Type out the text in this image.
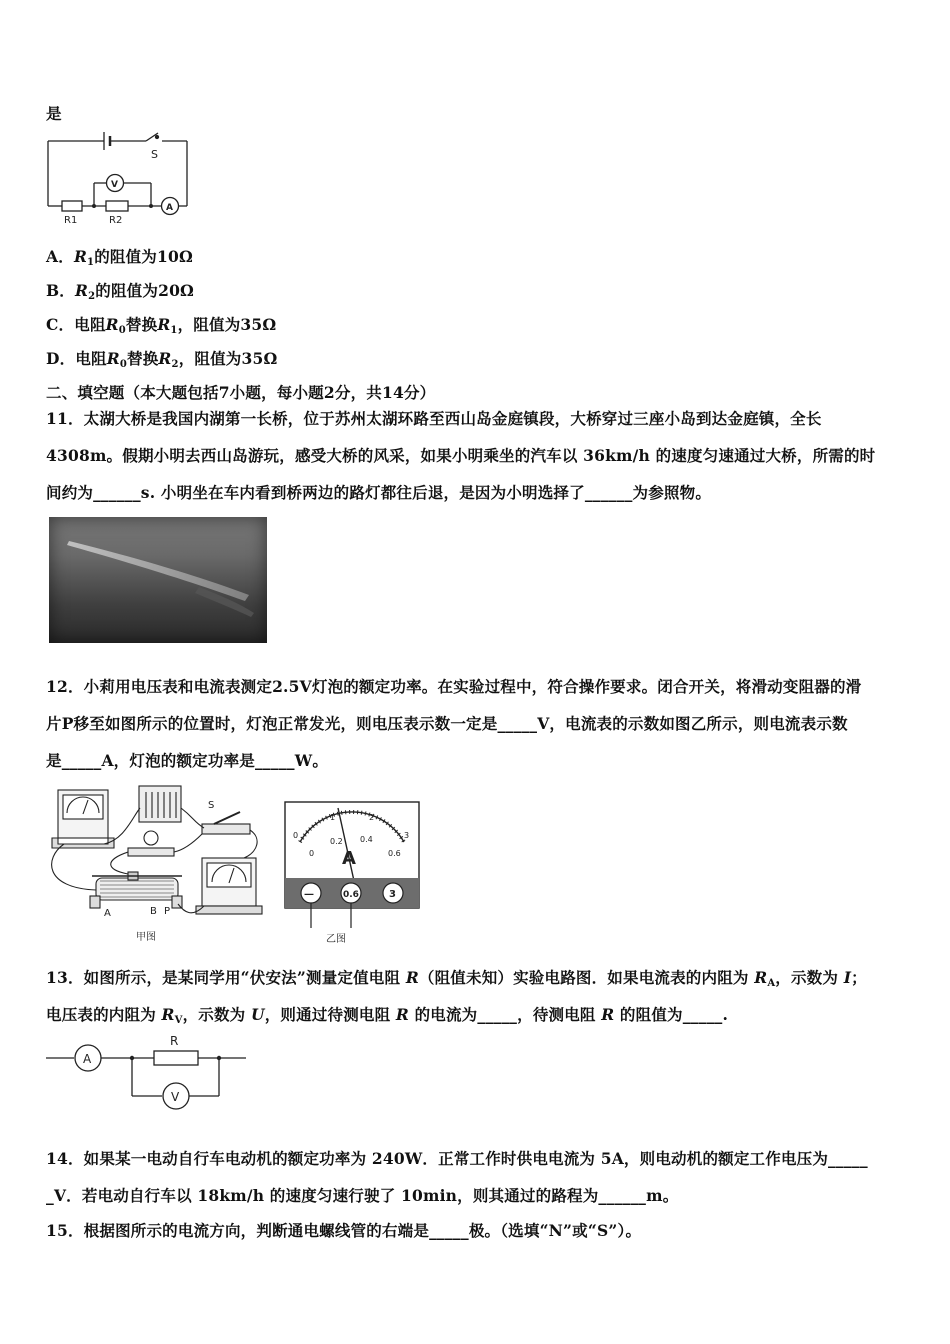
是
S
V
A
R1	R2
A．$R_1$的阻值为10Ω
B．$R_2$的阻值为20Ω
C．电阻$R_0$替换$R_1$，阻值为35Ω
D．电阻$R_0$替换$R_2$，阻值为35Ω
二、填空题（本大题包括7小题，每小题2分，共14分）
11．太湖大桥是我国内湖第一长桥，位于苏州太湖环路至西山岛金庭镇段，大桥穿过三座小岛到达金庭镇，全长
4308m。假期小明去西山岛游玩，感受大桥的风采，如果小明乘坐的汽车以 36km/h 的速度匀速通过大桥，所需的时
间约为______s. 小明坐在车内看到桥两边的路灯都往后退，是因为小明选择了______为参照物。
12．小莉用电压表和电流表测定2.5V灯泡的额定功率。在实验过程中，符合操作要求。闭合开关，将滑动变阻器的滑
片P移至如图所示的位置时，灯泡正常发光，则电压表示数一定是_____V，电流表的示数如图乙所示，则电流表示数
是_____A，灯泡的额定功率是_____W。
S
A	B P
甲图
0
1	2
3
0
0.2 0.4
0.6
A
—	0.6	3
乙图
13．如图所示，是某同学用“伏安法”测量定值电阻 R（阻值未知）实验电路图．如果电流表的内阻为 $R_A$，示数为 I；
电压表的内阻为 $R_V$，示数为 U，则通过待测电阻 R 的电流为_____，待测电阻 R 的阻值为_____.
A
R
V
14．如果某一电动自行车电动机的额定功率为 240W．正常工作时供电电流为 5A，则电动机的额定工作电压为_____
_V．若电动自行车以 18km/h 的速度匀速行驶了 10min，则其通过的路程为______m。
15．根据图所示的电流方向，判断通电螺线管的右端是_____极。（选填“N”或“S”）。
